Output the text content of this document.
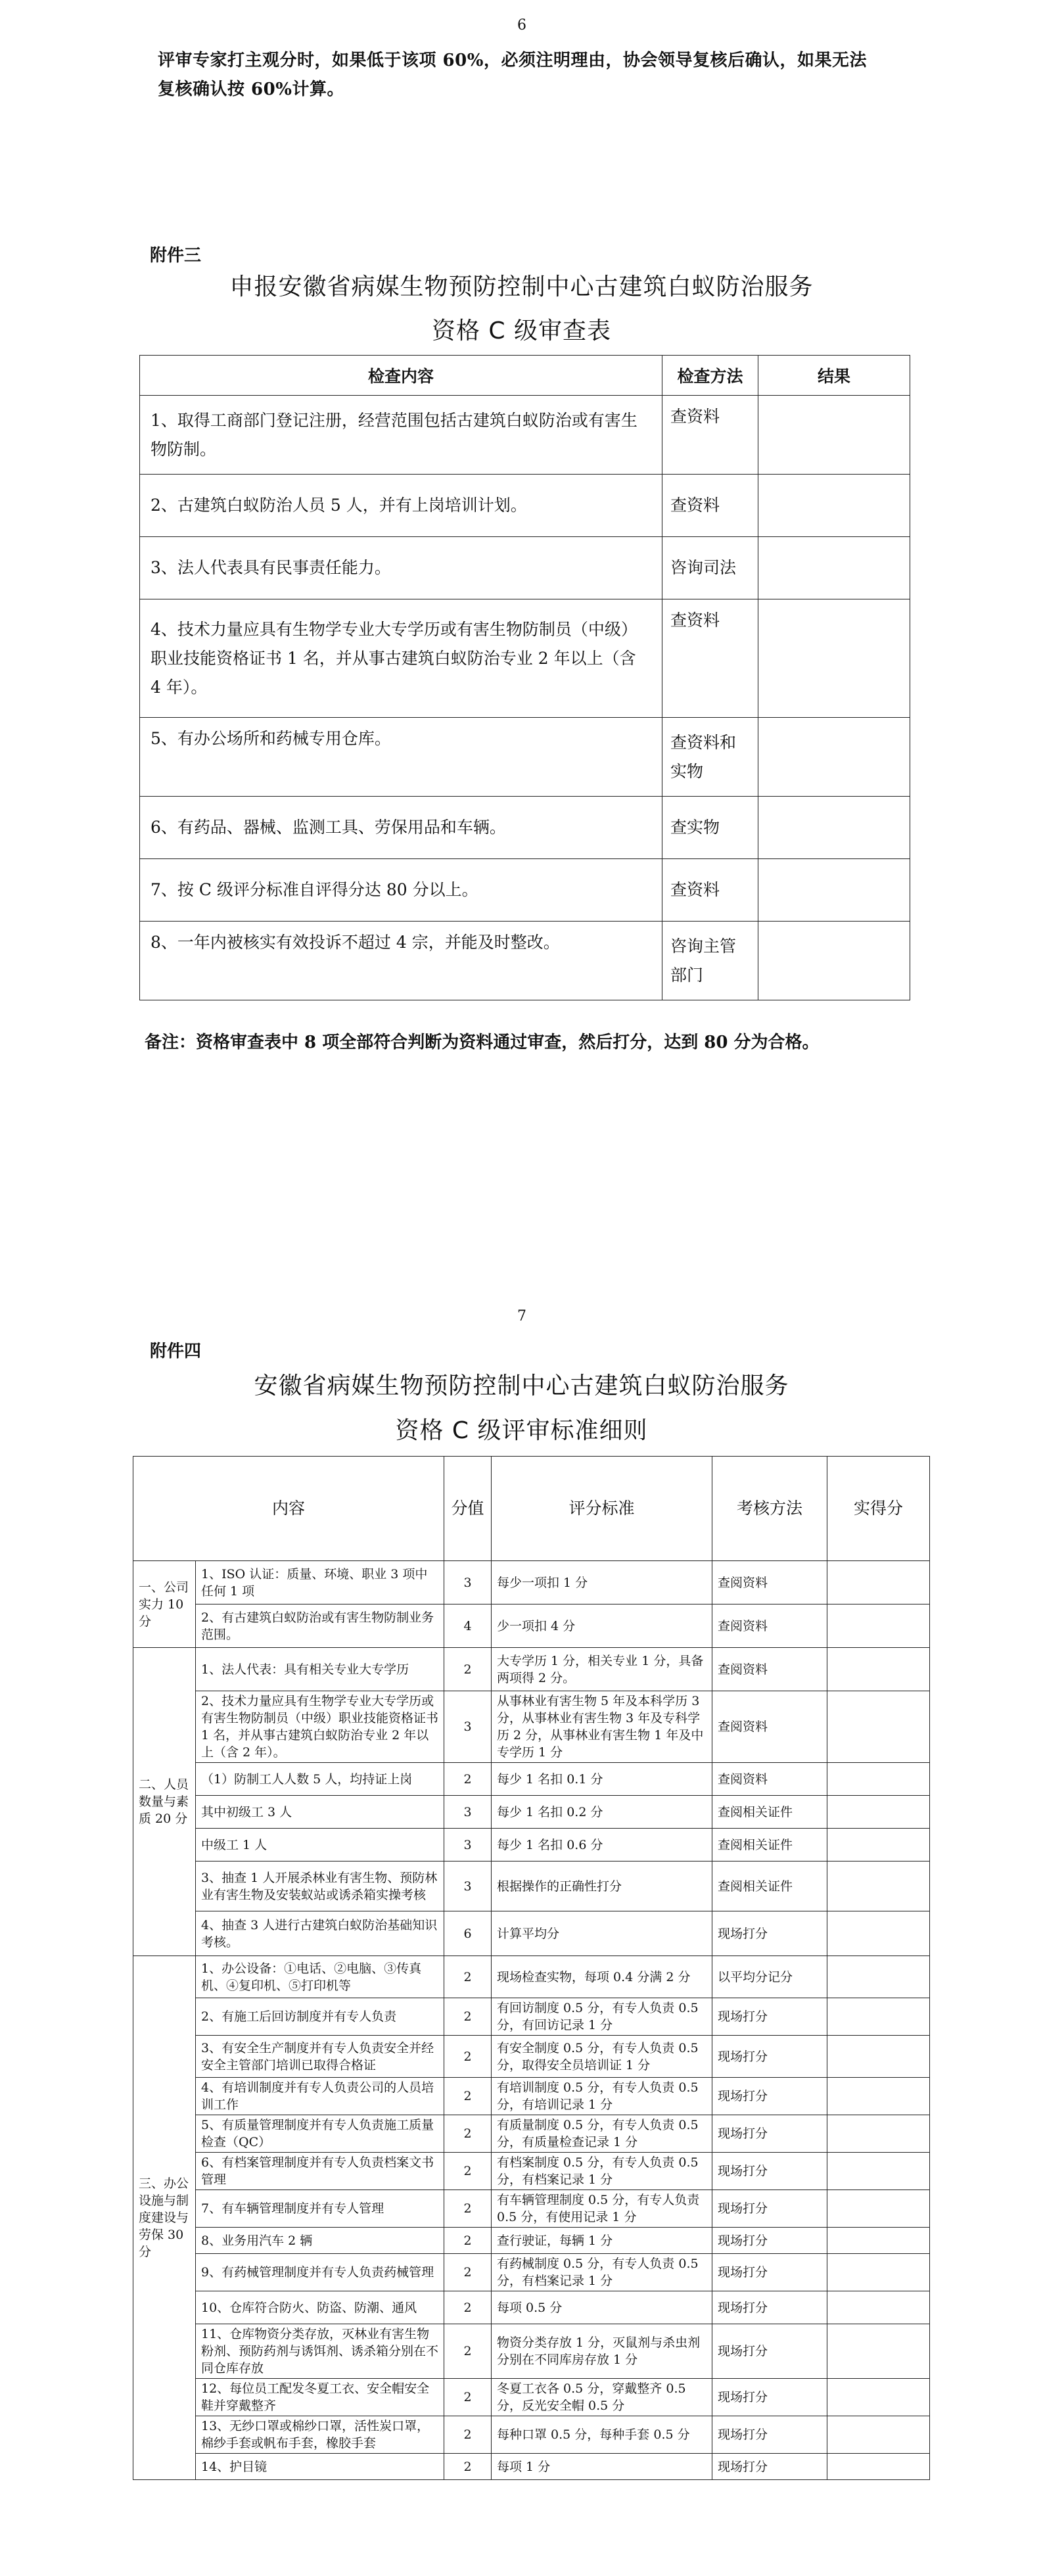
6
评审专家打主观分时，如果低于该项 60%，必须注明理由，协会领导复核后确认，如果无法
复核确认按 60%计算。
附件三
申报安徽省病媒生物预防控制中心古建筑白蚁防治服务
资格 C 级审查表
检查内容	检查方法	结果
1、取得工商部门登记注册，经营范围包括古建筑白蚁防治或有害生物防制。	查资料	
2、古建筑白蚁防治人员 5 人，并有上岗培训计划。	查资料	
3、法人代表具有民事责任能力。	咨询司法	
4、技术力量应具有生物学专业大专学历或有害生物防制员（中级）职业技能资格证书 1 名，并从事古建筑白蚁防治专业 2 年以上（含 4 年）。	查资料	
5、有办公场所和药械专用仓库。	查资料和实物	
6、有药品、器械、监测工具、劳保用品和车辆。	查实物	
7、按 C 级评分标准自评得分达 80 分以上。	查资料	
8、一年内被核实有效投诉不超过 4 宗，并能及时整改。	咨询主管部门	
备注：资格审查表中 8 项全部符合判断为资料通过审查，然后打分，达到 80 分为合格。
7
附件四
安徽省病媒生物预防控制中心古建筑白蚁防治服务
资格 C 级评审标准细则
内容		分值	评分标准	考核方法	实得分
一、公司实力 10 分	1、ISO 认证：质量、环境、职业 3 项中任何 1 项	3	每少一项扣 1 分	查阅资料	
	2、有古建筑白蚁防治或有害生物防制业务范围。	4	少一项扣 4 分	查阅资料	
二、人员数量与素质 20 分	1、法人代表：具有相关专业大专学历	2	大专学历 1 分，相关专业 1 分，具备两项得 2 分。	查阅资料	
	2、技术力量应具有生物学专业大专学历或有害生物防制员（中级）职业技能资格证书 1 名，并从事古建筑白蚁防治专业 2 年以上（含 2 年）。	3	从事林业有害生物 5 年及本科学历 3 分，从事林业有害生物 3 年及专科学历 2 分，从事林业有害生物 1 年及中专学历 1 分	查阅资料	
	（1）防制工人人数 5 人，均持证上岗	2	每少 1 名扣 0.1 分	查阅资料	
	其中初级工 3 人	3	每少 1 名扣 0.2 分	查阅相关证件	
	中级工 1 人	3	每少 1 名扣 0.6 分	查阅相关证件	
	3、抽查 1 人开展杀林业有害生物、预防林业有害生物及安装蚁站或诱杀箱实操考核	3	根据操作的正确性打分	查阅相关证件	
	4、抽查 3 人进行古建筑白蚁防治基础知识考核。	6	计算平均分	现场打分	
三、办公设施与制度建设与劳保 30 分	1、办公设备：①电话、②电脑、③传真机、④复印机、⑤打印机等	2	现场检查实物，每项 0.4 分满 2 分	以平均分记分	
	2、有施工后回访制度并有专人负责	2	有回访制度 0.5 分，有专人负责 0.5 分，有回访记录 1 分	现场打分	
	3、有安全生产制度并有专人负责安全并经安全主管部门培训已取得合格证	2	有安全制度 0.5 分，有专人负责 0.5 分，取得安全员培训证 1 分	现场打分	
	4、有培训制度并有专人负责公司的人员培训工作	2	有培训制度 0.5 分，有专人负责 0.5 分，有培训记录 1 分	现场打分	
	5、有质量管理制度并有专人负责施工质量检查（QC）	2	有质量制度 0.5 分，有专人负责 0.5 分，有质量检查记录 1 分	现场打分	
	6、有档案管理制度并有专人负责档案文书管理	2	有档案制度 0.5 分，有专人负责 0.5 分，有档案记录 1 分	现场打分	
	7、有车辆管理制度并有专人管理	2	有车辆管理制度 0.5 分，有专人负责 0.5 分，有使用记录 1 分	现场打分	
	8、业务用汽车 2 辆	2	查行驶证，每辆 1 分	现场打分	
	9、有药械管理制度并有专人负责药械管理	2	有药械制度 0.5 分，有专人负责 0.5 分，有档案记录 1 分	现场打分	
	10、仓库符合防火、防盗、防潮、通风	2	每项 0.5 分	现场打分	
	11、仓库物资分类存放，灭林业有害生物粉剂、预防药剂与诱饵剂、诱杀箱分别在不同仓库存放	2	物资分类存放 1 分，灭鼠剂与杀虫剂分别在不同库房存放 1 分	现场打分	
	12、每位员工配发冬夏工衣、安全帽安全鞋并穿戴整齐	2	冬夏工衣各 0.5 分，穿戴整齐 0.5 分，反光安全帽 0.5 分	现场打分	
	13、无纱口罩或棉纱口罩，活性炭口罩，棉纱手套或帆布手套，橡胶手套	2	每种口罩 0.5 分，每种手套 0.5 分	现场打分	
	14、护目镜	2	每项 1 分	现场打分	
